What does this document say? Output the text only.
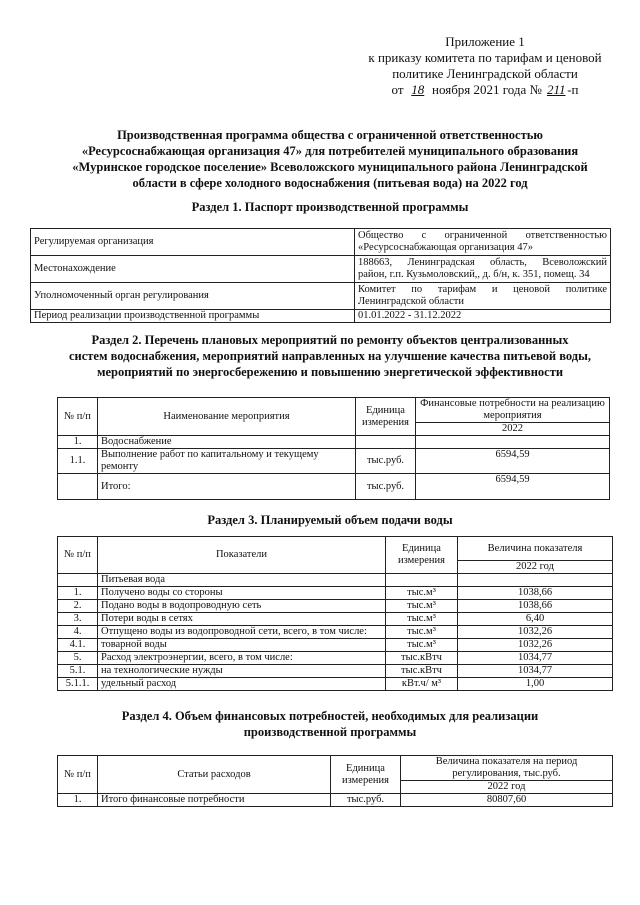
Приложение 1
к приказу комитета по тарифам и ценовой
политике Ленинградской области
от 18 ноября 2021 года № 211 -п
Производственная программа общества с ограниченной ответственностью
«Ресурсоснабжающая организация 47» для потребителей муниципального образования
«Муринское городское поселение» Всеволожского муниципального района Ленинградской
области в сфере холодного водоснабжения (питьевая вода) на 2022 год
Раздел 1. Паспорт производственной программы
Регулируемая организация	Общество с ограниченной ответственностью
«Ресурсоснабжающая организация 47»

Местонахождение	188663, Ленинградская область, Всеволожский
район, г.п. Кузьмоловский,, д. б/н, к. 351, помещ. 34

Уполномоченный орган регулирования	Комитет по тарифам и ценовой политике
Ленинградской области

Период реализации производственной программы	01.01.2022 - 31.12.2022
Раздел 2. Перечень плановых мероприятий по ремонту объектов централизованных
систем водоснабжения, мероприятий направленных на улучшение качества питьевой воды,
мероприятий по энергосбережению и повышению энергетической эффективности
№ п/п	Наименование мероприятия	Единица измерения	Финансовые потребности на реализацию мероприятия
			2022
1.	Водоснабжение		
1.1.	Выполнение работ по капитальному и текущему ремонту	тыс.руб.	6594,59
	Итого:	тыс.руб.	6594,59
Раздел 3. Планируемый объем подачи воды
№ п/п	Показатели	Единица измерения	Величина показателя
			2022 год
	Питьевая вода		
1.	Получено воды со стороны	тыс.м³	1038,66
2.	Подано воды в водопроводную сеть	тыс.м³	1038,66
3.	Потери воды в сетях	тыс.м³	6,40
4.	Отпущено воды из водопроводной сети, всего, в том числе:	тыс.м³	1032,26
4.1.	товарной воды	тыс.м³	1032,26
5.	Расход электроэнергии, всего, в том числе:	тыс.кВтч	1034,77
5.1.	на технологические нужды	тыс.кВтч	1034,77
5.1.1.	удельный расход	кВт.ч/ м³	1,00
Раздел 4. Объем финансовых потребностей, необходимых для реализации
производственной программы
№ п/п	Статьи расходов	Единица измерения	Величина показателя на период регулирования, тыс.руб.
			2022 год
1.	Итого финансовые потребности	тыс.руб.	80807,60
